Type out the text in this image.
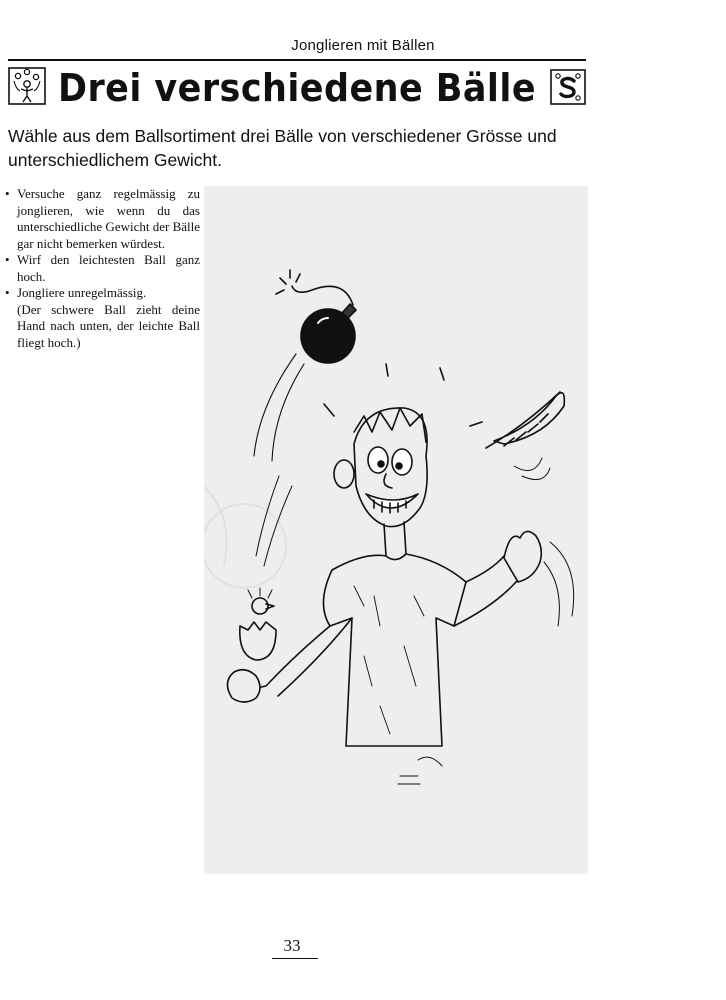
Jonglieren mit Bällen
Drei verschiedene Bälle
Wähle aus dem Ballsortiment drei Bälle von verschiedener Grösse und unterschiedlichem Gewicht.
• Versuche ganz regelmässig zu jonglieren, wie wenn du das unterschiedliche Gewicht der Bälle gar nicht bemerken würdest.
• Wirf den leichtesten Ball ganz hoch.
• Jongliere unregelmässig.
(Der schwere Ball zieht deine Hand nach unten, der leichte Ball fliegt hoch.)
33
